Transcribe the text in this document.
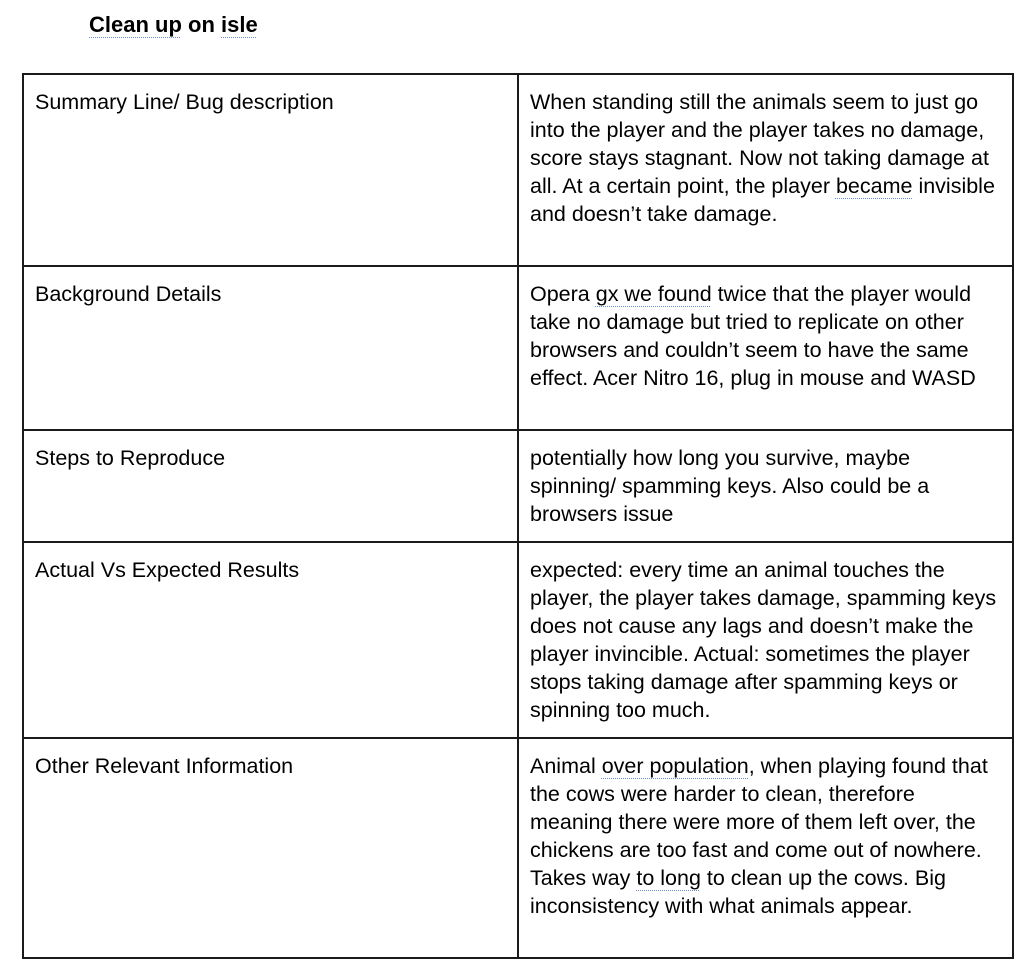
Clean up on isle
Summary Line/ Bug description	When standing still the animals seem to just go into the player and the player takes no damage, score stays stagnant. Now not taking damage at all. At a certain point, the player became invisible and doesn’t take damage.
Background Details	Opera gx we found twice that the player would take no damage but tried to replicate on other browsers and couldn’t seem to have the same effect. Acer Nitro 16, plug in mouse and WASD
Steps to Reproduce	potentially how long you survive, maybe spinning/ spamming keys. Also could be a browsers issue
Actual Vs Expected Results	expected: every time an animal touches the player, the player takes damage, spamming keys does not cause any lags and doesn’t make the player invincible. Actual: sometimes the player stops taking damage after spamming keys or spinning too much.
Other Relevant Information	Animal over population, when playing found that the cows were harder to clean, therefore meaning there were more of them left over, the chickens are too fast and come out of nowhere. Takes way to long to clean up the cows. Big inconsistency with what animals appear.
